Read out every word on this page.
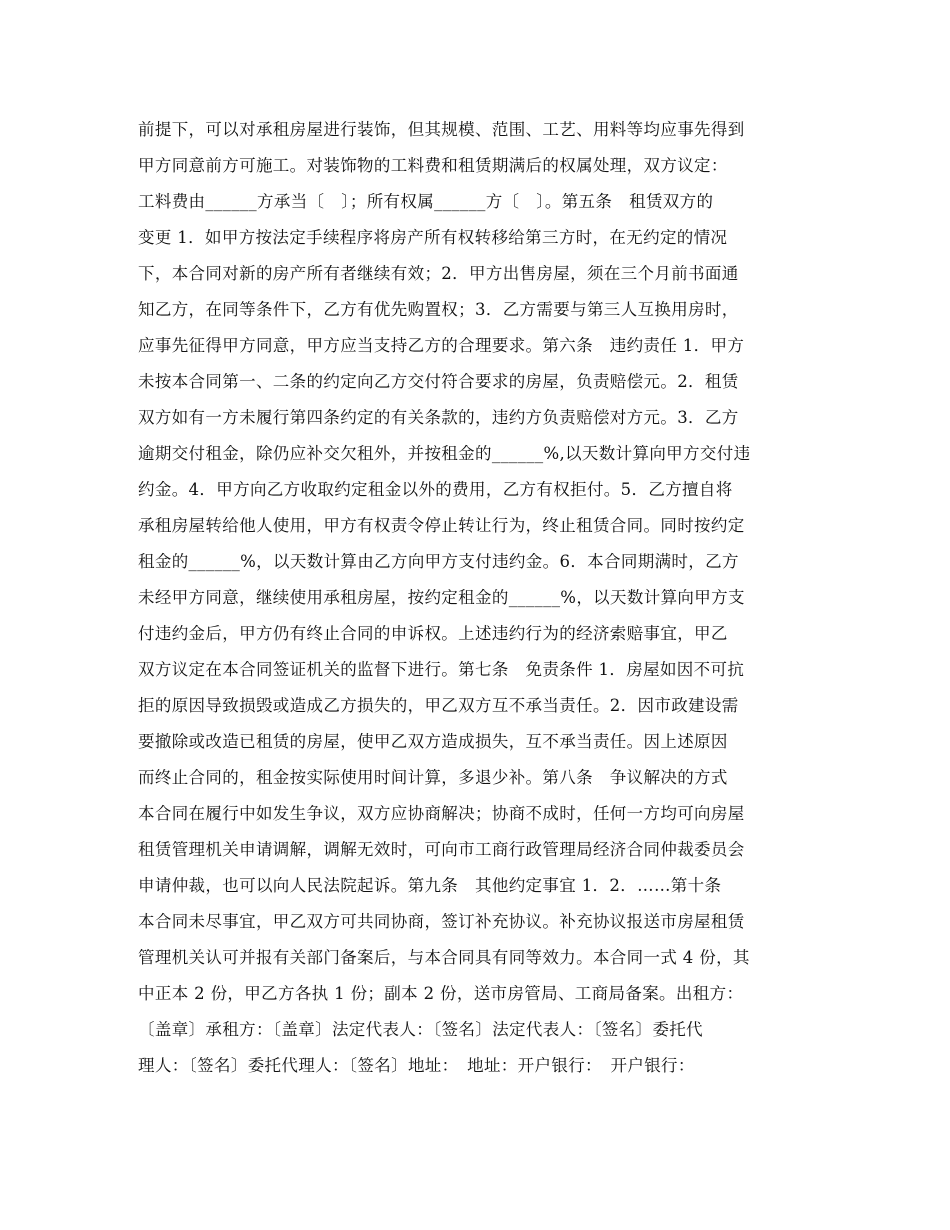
前提下，可以对承租房屋进行装饰，但其规模、范围、工艺、用料等均应事先得到
甲方同意前方可施工。对装饰物的工料费和租赁期满后的权属处理，双方议定：
工料费由______方承当〔　〕；所有权属______方〔　〕。第五条　租赁双方的
变更 1．如甲方按法定手续程序将房产所有权转移给第三方时，在无约定的情况
下，本合同对新的房产所有者继续有效；2．甲方出售房屋，须在三个月前书面通
知乙方，在同等条件下，乙方有优先购置权；3．乙方需要与第三人互换用房时，
应事先征得甲方同意，甲方应当支持乙方的合理要求。第六条　违约责任 1．甲方
未按本合同第一、二条的约定向乙方交付符合要求的房屋，负责赔偿元。2．租赁
双方如有一方未履行第四条约定的有关条款的，违约方负责赔偿对方元。3．乙方
逾期交付租金，除仍应补交欠租外，并按租金的______%,以天数计算向甲方交付违
约金。4．甲方向乙方收取约定租金以外的费用，乙方有权拒付。5．乙方擅自将
承租房屋转给他人使用，甲方有权责令停止转让行为，终止租赁合同。同时按约定
租金的______%，以天数计算由乙方向甲方支付违约金。6．本合同期满时，乙方
未经甲方同意，继续使用承租房屋，按约定租金的______%，以天数计算向甲方支
付违约金后，甲方仍有终止合同的申诉权。上述违约行为的经济索赔事宜，甲乙
双方议定在本合同签证机关的监督下进行。第七条　免责条件 1．房屋如因不可抗
拒的原因导致损毁或造成乙方损失的，甲乙双方互不承当责任。2．因市政建设需
要撤除或改造已租赁的房屋，使甲乙双方造成损失，互不承当责任。因上述原因
而终止合同的，租金按实际使用时间计算，多退少补。第八条　争议解决的方式
本合同在履行中如发生争议，双方应协商解决；协商不成时，任何一方均可向房屋
租赁管理机关申请调解，调解无效时，可向市工商行政管理局经济合同仲裁委员会
申请仲裁，也可以向人民法院起诉。第九条　其他约定事宜 1．2．……第十条
本合同未尽事宜，甲乙双方可共同协商，签订补充协议。补充协议报送市房屋租赁
管理机关认可并报有关部门备案后，与本合同具有同等效力。本合同一式 4 份，其
中正本 2 份，甲乙方各执 1 份；副本 2 份，送市房管局、工商局备案。出租方：
〔盖章〕承租方：〔盖章〕法定代表人：〔签名〕法定代表人：〔签名〕委托代
理人：〔签名〕委托代理人：〔签名〕地址：　地址：开户银行：　开户银行：
